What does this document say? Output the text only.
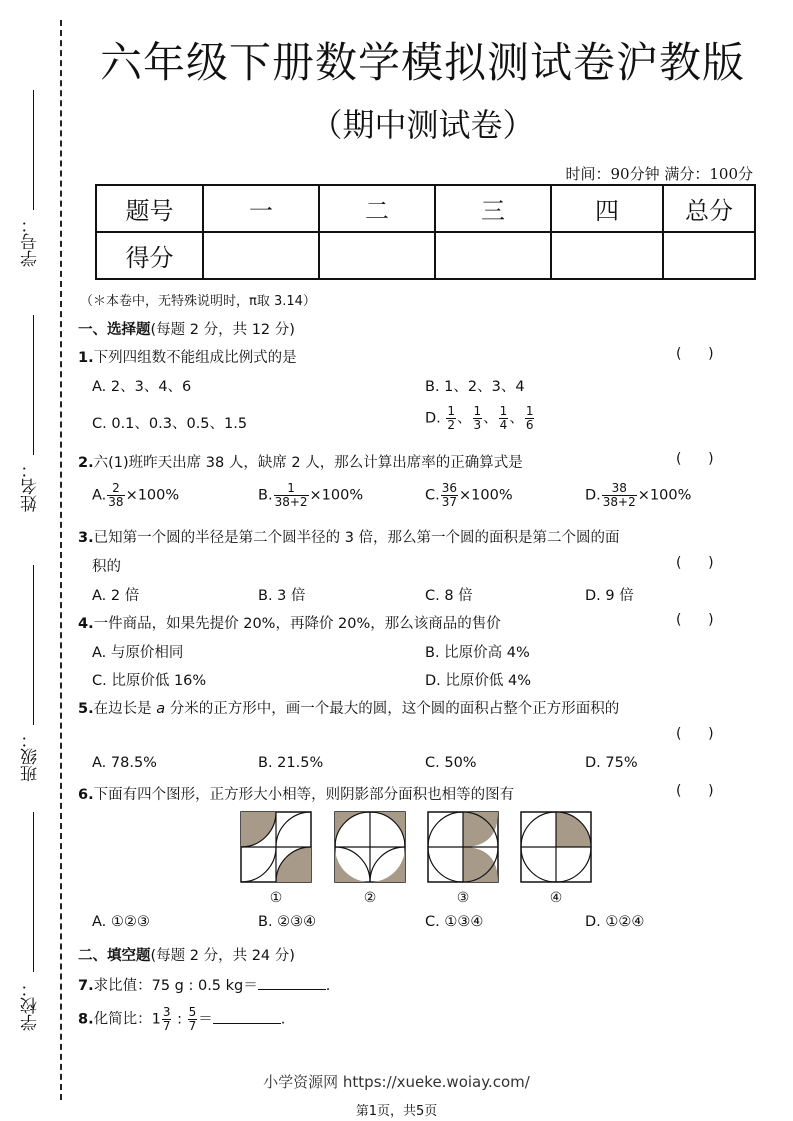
学号：
姓名：
班级：
学校：
六年级下册数学模拟测试卷沪教版
（期中测试卷）
时间：90分钟 满分：100分
题号	一	二	三	四	总分
得分					
（＊本卷中，无特殊说明时，π取 3.14）
一、选择题(每题 2 分，共 12 分)
1.下列四组数不能组成比例式的是	(      )
A. 2、3、4、6	B. 1、2、3、4
C. 0.1、0.3、0.5、1.5	D. $\frac{1}{2}$ 、 $\frac{1}{3}$ 、 $\frac{1}{4}$ 、 $\frac{1}{6}$
2.六(1)班昨天出席 38 人，缺席 2 人，那么计算出席率的正确算式是	(      )
A. $\frac{2}{38} \times 100\%$	B. $\frac{1}{38+2} \times 100\%$	C. $\frac{36}{37} \times 100\%$	D. $\frac{38}{38+2} \times 100\%$
3.已知第一个圆的半径是第二个圆半径的 3 倍，那么第一个圆的面积是第二个圆的面
积的	(      )
A. 2 倍	B. 3 倍	C. 8 倍	D. 9 倍
4.一件商品，如果先提价 20%，再降价 20%，那么该商品的售价	(      )
A. 与原价相同	B. 比原价高 4%
C. 比原价低 16%	D. 比原价低 4%
5.在边长是 a 分米的正方形中，画一个最大的圆，这个圆的面积占整个正方形面积的
(      )
A. 78.5%	B. 21.5%	C. 50%	D. 75%
6.下面有四个图形，正方形大小相等，则阴影部分面积也相等的图有	(      )
①	②	③	④
A. ①②③	B. ②③④	C. ①③④	D. ①②④
二、填空题(每题 2 分，共 24 分)
7.求比值：75 g : 0.5 kg＝	.
8.化简比：$1 \frac{3}{7}$ : $\frac{5}{7}$ ＝	.
小学资源网 https://xueke.woiay.com/
第1页，共5页
